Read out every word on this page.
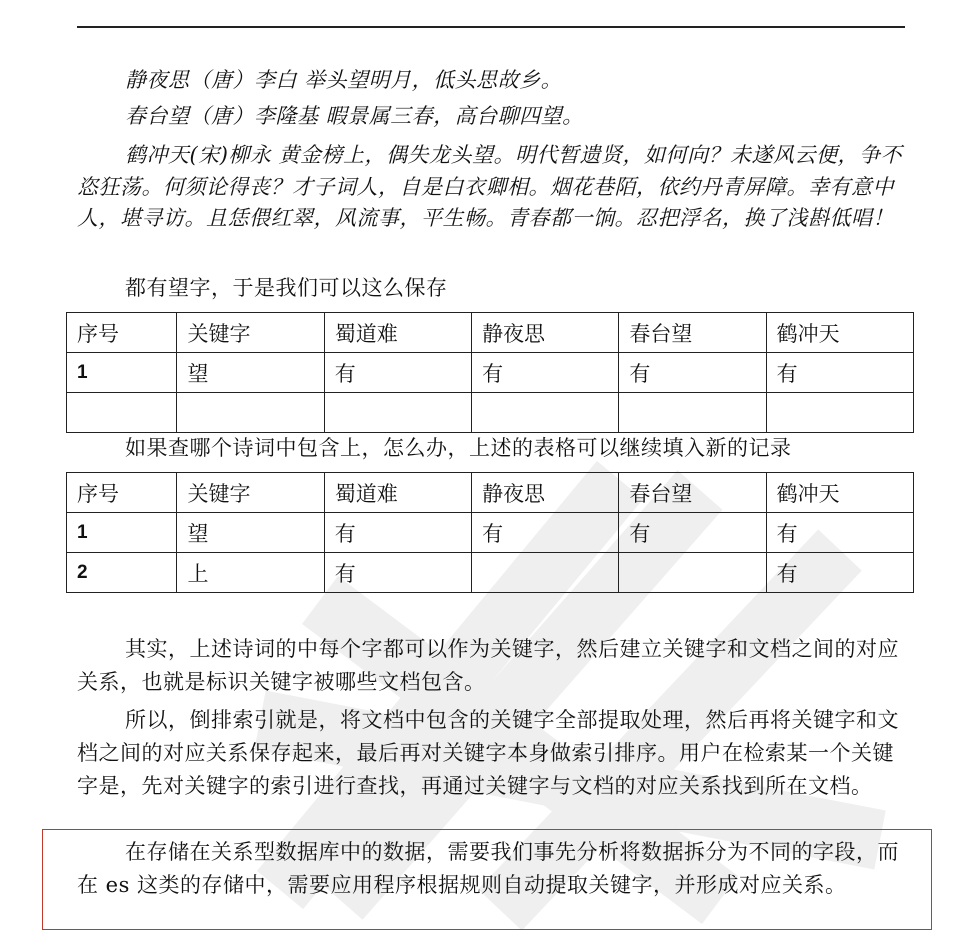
静夜思（唐）李白 举头望明月，低头思故乡。

春台望（唐）李隆基 暇景属三春，高台聊四望。

鹤冲天(宋)柳永 黄金榜上，偶失龙头望。明代暂遗贤，如何向？未遂风云便，争不恣狂荡。何须论得丧？才子词人，自是白衣卿相。烟花巷陌，依约丹青屏障。幸有意中人，堪寻访。且恁偎红翠，风流事，平生畅。青春都一饷。忍把浮名，换了浅斟低唱！

都有望字，于是我们可以这么保存

序号	关键字	蜀道难	静夜思	春台望	鹤冲天
1	望	有	有	有	有

如果查哪个诗词中包含上，怎么办，上述的表格可以继续填入新的记录

序号	关键字	蜀道难	静夜思	春台望	鹤冲天
1	望	有	有	有	有
2	上	有			有

其实，上述诗词的中每个字都可以作为关键字，然后建立关键字和文档之间的对应关系，也就是标识关键字被哪些文档包含。

所以，倒排索引就是，将文档中包含的关键字全部提取处理，然后再将关键字和文档之间的对应关系保存起来，最后再对关键字本身做索引排序。用户在检索某一个关键字是，先对关键字的索引进行查找，再通过关键字与文档的对应关系找到所在文档。

在存储在关系型数据库中的数据，需要我们事先分析将数据拆分为不同的字段，而在 es 这类的存储中，需要应用程序根据规则自动提取关键字，并形成对应关系。
